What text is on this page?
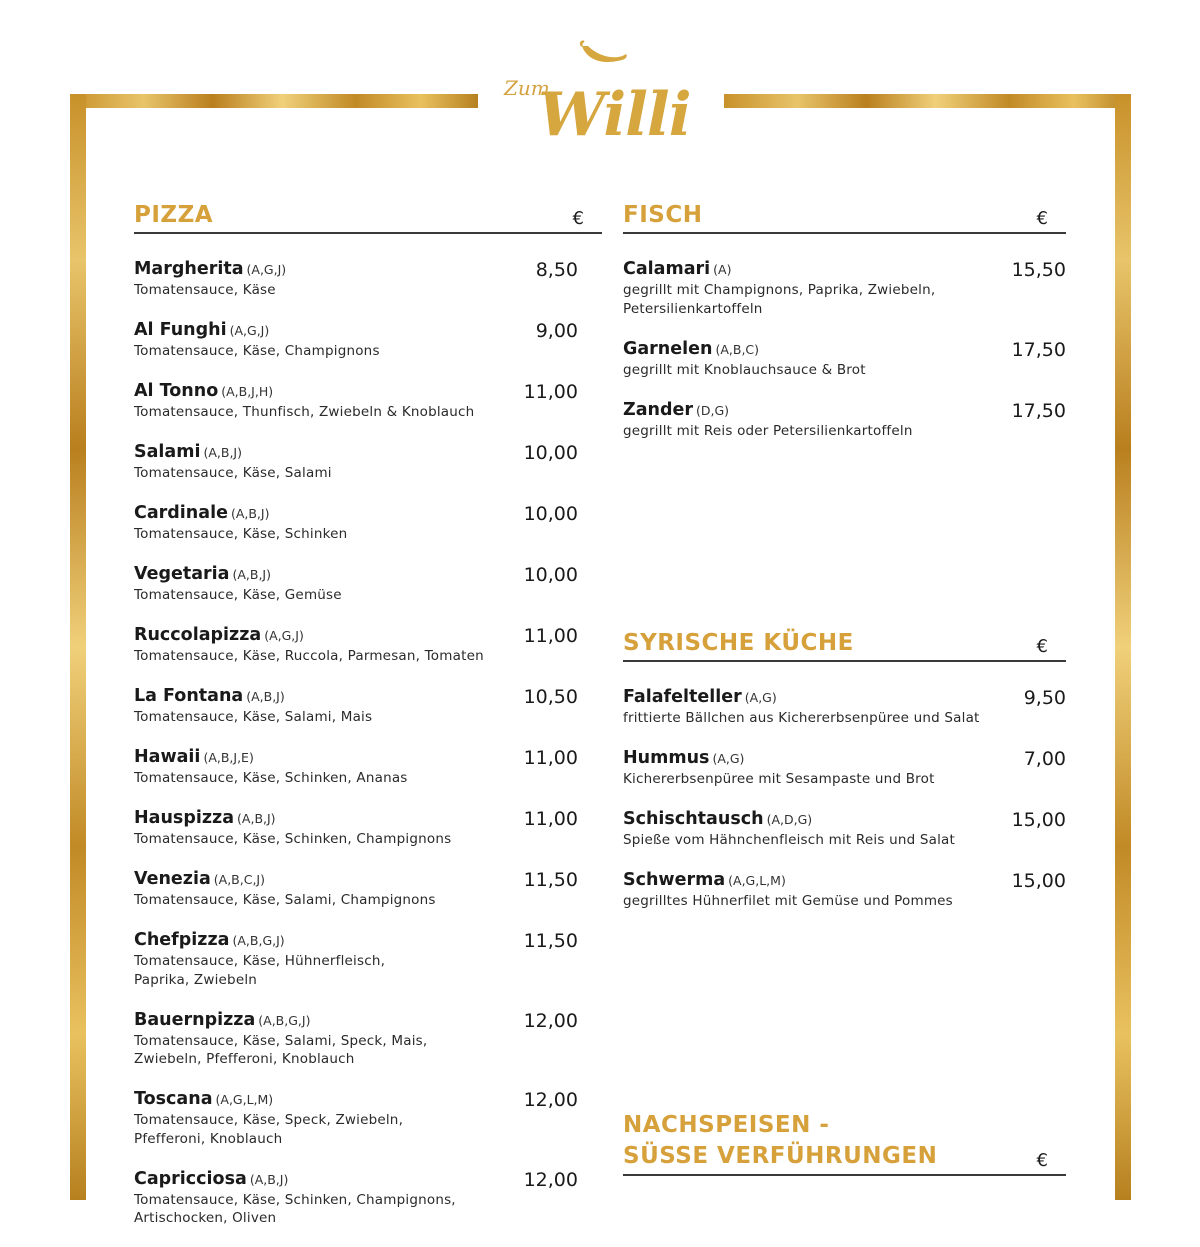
Zum
Willi
PIZZA	€
Margherita (A,G,J)
Tomatensauce, Käse
8,50
Al Funghi (A,G,J)
Tomatensauce, Käse, Champignons
9,00
Al Tonno (A,B,J,H)
Tomatensauce, Thunfisch, Zwiebeln & Knoblauch
11,00
Salami (A,B,J)
Tomatensauce, Käse, Salami
10,00
Cardinale (A,B,J)
Tomatensauce, Käse, Schinken
10,00
Vegetaria (A,B,J)
Tomatensauce, Käse, Gemüse
10,00
Ruccolapizza (A,G,J)
Tomatensauce, Käse, Ruccola, Parmesan, Tomaten
11,00
La Fontana (A,B,J)
Tomatensauce, Käse, Salami, Mais
10,50
Hawaii (A,B,J,E)
Tomatensauce, Käse, Schinken, Ananas
11,00
Hauspizza (A,B,J)
Tomatensauce, Käse, Schinken, Champignons
11,00
Venezia (A,B,C,J)
Tomatensauce, Käse, Salami, Champignons
11,50
Chefpizza (A,B,G,J)
Tomatensauce, Käse, Hühnerfleisch,
Paprika, Zwiebeln
11,50
Bauernpizza (A,B,G,J)
Tomatensauce, Käse, Salami, Speck, Mais,
Zwiebeln, Pfefferoni, Knoblauch
12,00
Toscana (A,G,L,M)
Tomatensauce, Käse, Speck, Zwiebeln,
Pfefferoni, Knoblauch
12,00
Capricciosa (A,B,J)
Tomatensauce, Käse, Schinken, Champignons,
Artischocken, Oliven
12,00
FISCH	€
Calamari (A)
gegrillt mit Champignons, Paprika, Zwiebeln,
Petersilienkartoffeln
15,50
Garnelen (A,B,C)
gegrillt mit Knoblauchsauce & Brot
17,50
Zander (D,G)
gegrillt mit Reis oder Petersilienkartoffeln
17,50
SYRISCHE KÜCHE	€
Falafelteller (A,G)
frittierte Bällchen aus Kichererbsenpüree und Salat
9,50
Hummus (A,G)
Kichererbsenpüree mit Sesampaste und Brot
7,00
Schischtausch (A,D,G)
Spieße vom Hähnchenfleisch mit Reis und Salat
15,00
Schwerma (A,G,L,M)
gegrilltes Hühnerfilet mit Gemüse und Pommes
15,00
NACHSPEISEN -
SÜSSE VERFÜHRUNGEN	€
